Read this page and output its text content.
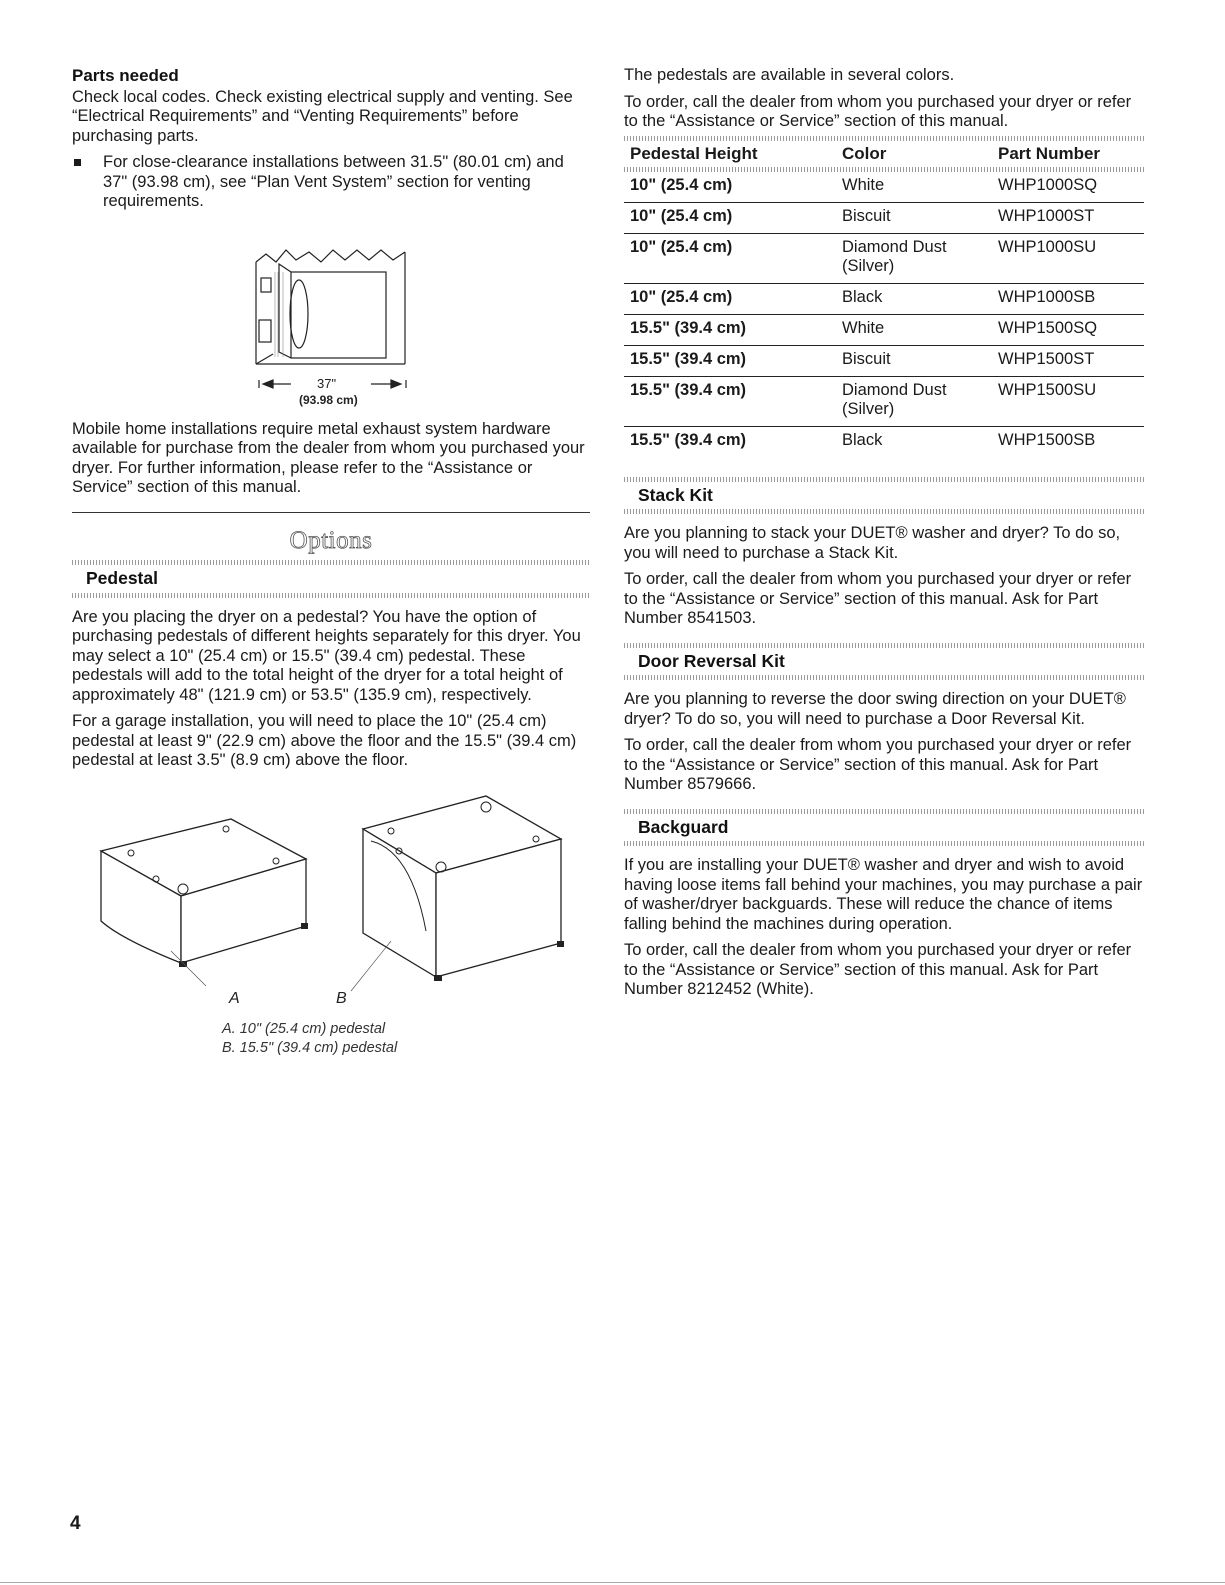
Parts needed

Check local codes. Check existing electrical supply and venting. See “Electrical Requirements” and “Venting Requirements” before purchasing parts.

For close-clearance installations between 31.5" (80.01 cm) and 37" (93.98 cm), see “Plan Vent System” section for venting requirements.
37"
(93.98 cm)

Mobile home installations require metal exhaust system hardware available for purchase from the dealer from whom you purchased your dryer. For further information, please refer to the “Assistance or Service” section of this manual.

Options
Pedestal

Are you placing the dryer on a pedestal? You have the option of purchasing pedestals of different heights separately for this dryer. You may select a 10" (25.4 cm) or 15.5" (39.4 cm) pedestal. These pedestals will add to the total height of the dryer for a total height of approximately 48" (121.9 cm) or 53.5" (135.9 cm), respectively.

For a garage installation, you will need to place the 10" (25.4 cm) pedestal at least 9" (22.9 cm) above the floor and the 15.5" (39.4 cm) pedestal at least 3.5" (8.9 cm) above the floor.

A	B
A. 10" (25.4 cm) pedestal
B. 15.5" (39.4 cm) pedestal

The pedestals are available in several colors.

To order, call the dealer from whom you purchased your dryer or refer to the “Assistance or Service” section of this manual.

Pedestal Height	Color	Part Number

10" (25.4 cm)	White	WHP1000SQ
10" (25.4 cm)	Biscuit	WHP1000ST
10" (25.4 cm)	Diamond Dust (Silver)	WHP1000SU
10" (25.4 cm)	Black	WHP1000SB
15.5" (39.4 cm)	White	WHP1500SQ
15.5" (39.4 cm)	Biscuit	WHP1500ST
15.5" (39.4 cm)	Diamond Dust (Silver)	WHP1500SU
15.5" (39.4 cm)	Black	WHP1500SB
Stack Kit

Are you planning to stack your DUET® washer and dryer? To do so, you will need to purchase a Stack Kit.

To order, call the dealer from whom you purchased your dryer or refer to the “Assistance or Service” section of this manual. Ask for Part Number 8541503.

Door Reversal Kit

Are you planning to reverse the door swing direction on your DUET® dryer? To do so, you will need to purchase a Door Reversal Kit.

To order, call the dealer from whom you purchased your dryer or refer to the “Assistance or Service” section of this manual. Ask for Part Number 8579666.

Backguard

If you are installing your DUET® washer and dryer and wish to avoid having loose items fall behind your machines, you may purchase a pair of washer/dryer backguards. These will reduce the chance of items falling behind the machines during operation.

To order, call the dealer from whom you purchased your dryer or refer to the “Assistance or Service” section of this manual. Ask for Part Number 8212452 (White).

4
